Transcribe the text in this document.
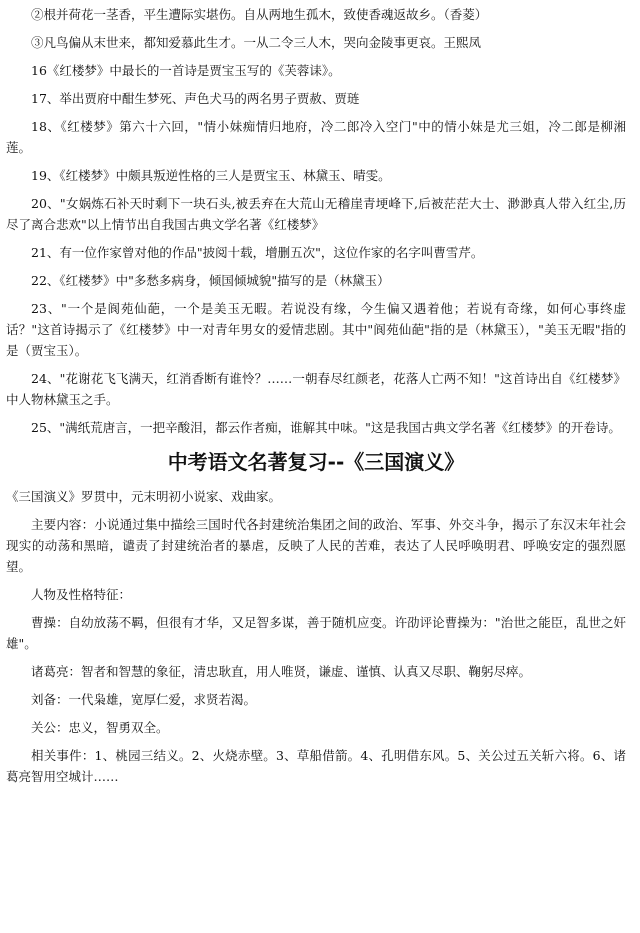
②根并荷花一茎香，平生遭际实堪伤。自从两地生孤木，致使香魂返故乡。（香菱）

③凡鸟偏从末世来，都知爱慕此生才。一从二令三人木，哭向金陵事更哀。王熙凤

16《红楼梦》中最长的一首诗是贾宝玉写的《芙蓉诔》。

17、举出贾府中酣生梦死、声色犬马的两名男子贾赦、贾琏

18、《红楼梦》第六十六回，"情小妹痴情归地府，冷二郎冷入空门"中的情小妹是尤三姐，冷二郎是柳湘莲。

19、《红楼梦》中颇具叛逆性格的三人是贾宝玉、林黛玉、晴雯。

20、"女娲炼石补天时剩下一块石头,被丢弃在大荒山无稽崖青埂峰下,后被茫茫大士、渺渺真人带入红尘,历尽了离合悲欢"以上情节出自我国古典文学名著《红楼梦》

21、有一位作家曾对他的作品"披阅十载，增删五次"，这位作家的名字叫曹雪芹。

22、《红楼梦》中"多愁多病身，倾国倾城貌"描写的是（林黛玉）

23、"一个是阆苑仙葩，一个是美玉无暇。若说没有缘，今生偏又遇着他；若说有奇缘，如何心事终虚话？"这首诗揭示了《红楼梦》中一对青年男女的爱情悲剧。其中"阆苑仙葩"指的是（林黛玉），"美玉无暇"指的是（贾宝玉）。

24、"花谢花飞飞满天，红消香断有谁怜？……一朝春尽红颜老，花落人亡两不知！"这首诗出自《红楼梦》中人物林黛玉之手。

25、"满纸荒唐言，一把辛酸泪，都云作者痴，谁解其中味。"这是我国古典文学名著《红楼梦》的开卷诗。

中考语文名著复习--《三国演义》

《三国演义》罗贯中，元末明初小说家、戏曲家。

主要内容：小说通过集中描绘三国时代各封建统治集团之间的政治、军事、外交斗争，揭示了东汉末年社会现实的动荡和黑暗，谴责了封建统治者的暴虐，反映了人民的苦难，表达了人民呼唤明君、呼唤安定的强烈愿望。

人物及性格特征：

曹操：自幼放荡不羁，但很有才华，又足智多谋，善于随机应变。许劭评论曹操为："治世之能臣，乱世之奸雄"。

诸葛亮：智者和智慧的象征，清忠耿直，用人唯贤，谦虚、谨慎、认真又尽职、鞠躬尽瘁。

刘备：一代枭雄，宽厚仁爱，求贤若渴。

关公：忠义，智勇双全。

相关事件：1、桃园三结义。2、火烧赤壁。3、草船借箭。4、孔明借东风。5、关公过五关斩六将。6、诸葛亮智用空城计……
